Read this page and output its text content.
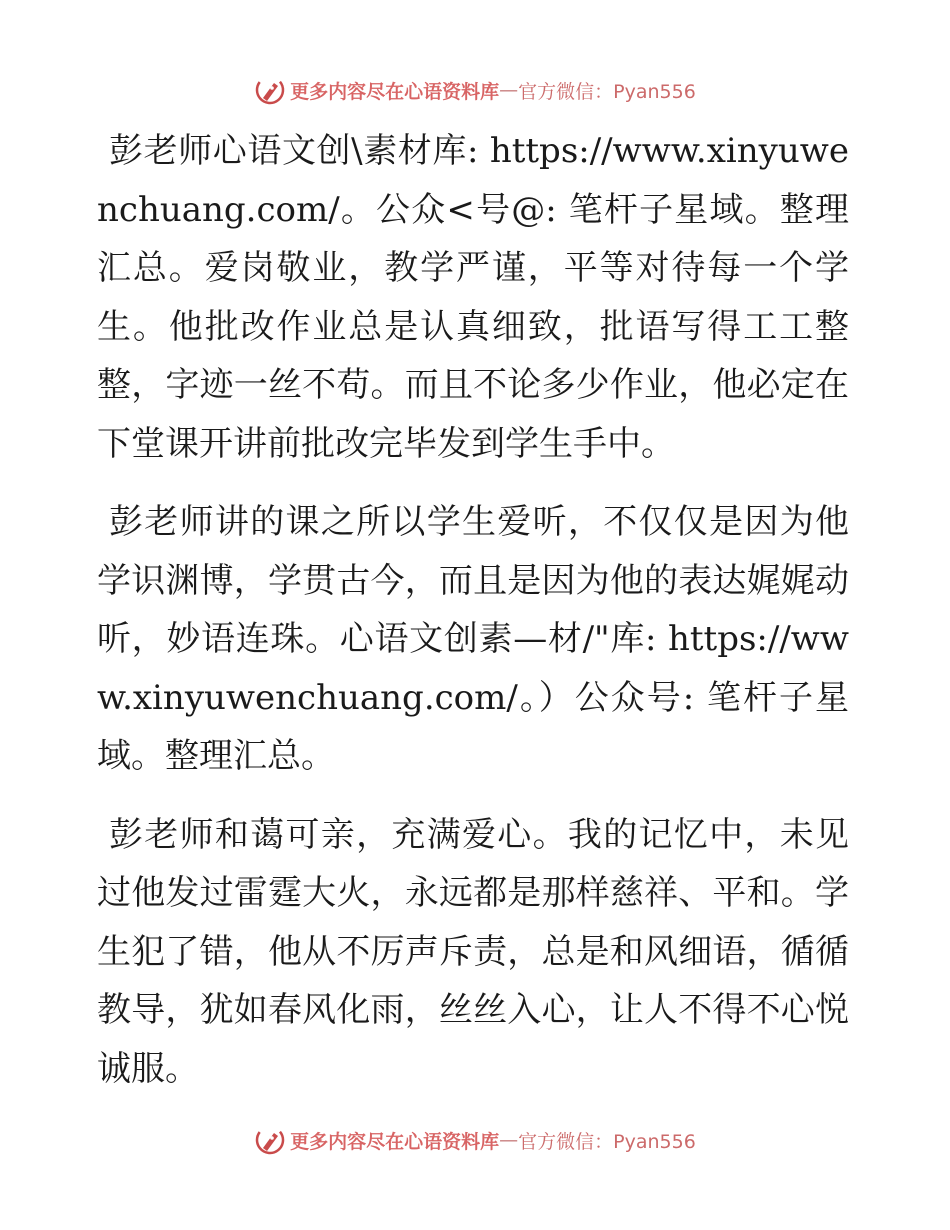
更多内容尽在心语资料库 — 官方微信：Pyan556

彭老师心语文创\素材库: https://www.xinyuwenchuang.com/。公众<号@: 笔杆子星域。整理汇总。爱岗敬业，教学严谨，平等对待每一个学生。他批改作业总是认真细致，批语写得工工整整，字迹一丝不苟。而且不论多少作业，他必定在下堂课开讲前批改完毕发到学生手中。

彭老师讲的课之所以学生爱听，不仅仅是因为他学识渊博，学贯古今，而且是因为他的表达娓娓动听，妙语连珠。心语文创素—材/"库: https://www.xinyuwenchuang.com/。）公众号: 笔杆子星域。整理汇总。

彭老师和蔼可亲，充满爱心。我的记忆中，未见过他发过雷霆大火，永远都是那样慈祥、平和。学生犯了错，他从不厉声斥责，总是和风细语，循循教导，犹如春风化雨，丝丝入心，让人不得不心悦诚服。

更多内容尽在心语资料库 — 官方微信：Pyan556
